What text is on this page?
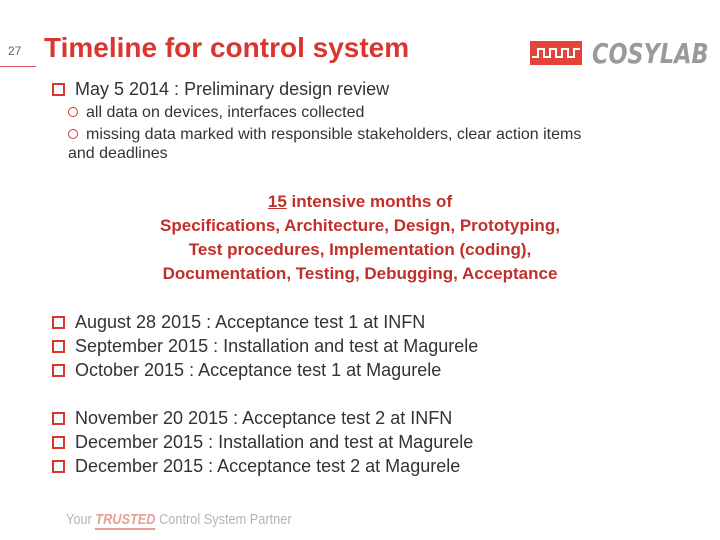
27 Timeline for control system	COSYLAB
May 5 2014 : Preliminary design review
all data on devices, interfaces collected
missing data marked with responsible stakeholders, clear action items
and deadlines
15 intensive months of
Specifications, Architecture, Design, Prototyping,
Test procedures, Implementation (coding),
Documentation, Testing, Debugging, Acceptance
August 28 2015 : Acceptance test 1 at INFN
September 2015 : Installation and test at Magurele
October 2015 : Acceptance test 1 at Magurele
November 20 2015 : Acceptance test 2 at INFN
December 2015 : Installation and test at Magurele
December 2015 : Acceptance test 2 at Magurele
Your TRUSTED Control System Partner
